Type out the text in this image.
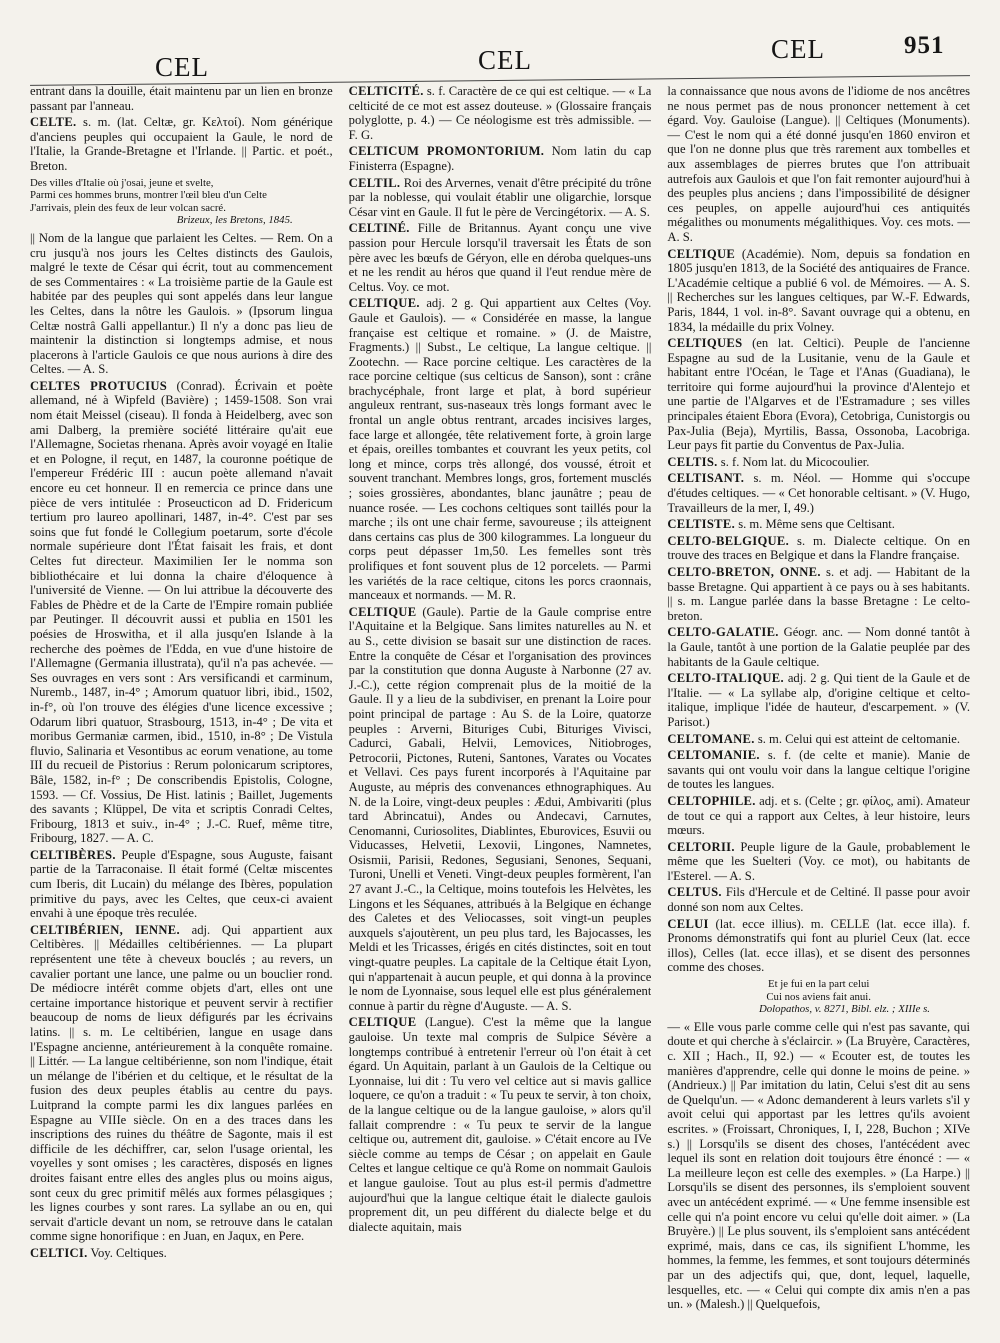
CEL	CEL	CEL	951

entrant dans la douille, était maintenu par un lien en bronze passant par l'anneau.

CELTE. s. m. (lat. Celtæ, gr. Κελτοί). Nom générique d'anciens peuples qui occupaient la Gaule, le nord de l'Italie, la Grande-Bretagne et l'Irlande. || Partic. et poét., Breton.

Des villes d'Italie où j'osai, jeune et svelte,
Parmi ces hommes bruns, montrer l'œil bleu d'un Celte
J'arrivais, plein des feux de leur volcan sacré.
Brizeux, les Bretons, 1845.

|| Nom de la langue que parlaient les Celtes. — Rem. On a cru jusqu'à nos jours les Celtes distincts des Gaulois, malgré le texte de César qui écrit, tout au commencement de ses Commentaires : « La troisième partie de la Gaule est habitée par des peuples qui sont appelés dans leur langue les Celtes, dans la nôtre les Gaulois. » (Ipsorum lingua Celtæ nostrâ Galli appellantur.) Il n'y a donc pas lieu de maintenir la distinction si longtemps admise, et nous placerons à l'article Gaulois ce que nous aurions à dire des Celtes. — A. S.

CELTES PROTUCIUS (Conrad). Écrivain et poète allemand, né à Wipfeld (Bavière) ; 1459-1508. Son vrai nom était Meissel (ciseau). Il fonda à Heidelberg, avec son ami Dalberg, la première société littéraire qu'ait eue l'Allemagne, Societas rhenana. Après avoir voyagé en Italie et en Pologne, il reçut, en 1487, la couronne poétique de l'empereur Frédéric III : aucun poète allemand n'avait encore eu cet honneur. Il en remercia ce prince dans une pièce de vers intitulée : Proseucticon ad D. Fridericum tertium pro laureo apollinari, 1487, in-4°. C'est par ses soins que fut fondé le Collegium poetarum, sorte d'école normale supérieure dont l'État faisait les frais, et dont Celtes fut directeur. Maximilien Ier le nomma son bibliothécaire et lui donna la chaire d'éloquence à l'université de Vienne. — On lui attribue la découverte des Fables de Phèdre et de la Carte de l'Empire romain publiée par Peutinger. Il découvrit aussi et publia en 1501 les poésies de Hroswitha, et il alla jusqu'en Islande à la recherche des poèmes de l'Edda, en vue d'une histoire de l'Allemagne (Germania illustrata), qu'il n'a pas achevée. — Ses ouvrages en vers sont : Ars versificandi et carminum, Nuremb., 1487, in-4° ; Amorum quatuor libri, ibid., 1502, in-f°, où l'on trouve des élégies d'une licence excessive ; Odarum libri quatuor, Strasbourg, 1513, in-4° ; De vita et moribus Germaniæ carmen, ibid., 1510, in-8° ; De Vistula fluvio, Salinaria et Vesontibus ac eorum venatione, au tome III du recueil de Pistorius : Rerum polonicarum scriptores, Bâle, 1582, in-f° ; De conscribendis Epistolis, Cologne, 1593. — Cf. Vossius, De Hist. latinis ; Baillet, Jugements des savants ; Klüppel, De vita et scriptis Conradi Celtes, Fribourg, 1813 et suiv., in-4° ; J.-C. Ruef, même titre, Fribourg, 1827. — A. C.

CELTIBÈRES. Peuple d'Espagne, sous Auguste, faisant partie de la Tarraconaise. Il était formé (Celtæ miscentes cum Iberis, dit Lucain) du mélange des Ibères, population primitive du pays, avec les Celtes, que ceux-ci avaient envahi à une époque très reculée.

CELTIBÉRIEN, IENNE. adj. Qui appartient aux Celtibères. || Médailles celtibériennes. — La plupart représentent une tête à cheveux bouclés ; au revers, un cavalier portant une lance, une palme ou un bouclier rond. De médiocre intérêt comme objets d'art, elles ont une certaine importance historique et peuvent servir à rectifier beaucoup de noms de lieux défigurés par les écrivains latins. || s. m. Le celtibérien, langue en usage dans l'Espagne ancienne, antérieurement à la conquête romaine. || Littér. — La langue celtibérienne, son nom l'indique, était un mélange de l'ibérien et du celtique, et le résultat de la fusion des deux peuples établis au centre du pays. Luitprand la compte parmi les dix langues parlées en Espagne au VIIIe siècle. On en a des traces dans les inscriptions des ruines du théâtre de Sagonte, mais il est difficile de les déchiffrer, car, selon l'usage oriental, les voyelles y sont omises ; les caractères, disposés en lignes droites faisant entre elles des angles plus ou moins aigus, sont ceux du grec primitif mêlés aux formes pélasgiques ; les lignes courbes y sont rares. La syllabe an ou en, qui servait d'article devant un nom, se retrouve dans le catalan comme signe honorifique : en Juan, en Jaqux, en Pere.

CELTICI. Voy. Celtiques.

CELTICITÉ. s. f. Caractère de ce qui est celtique. — « La celticité de ce mot est assez douteuse. » (Glossaire français polyglotte, p. 4.) — Ce néologisme est très admissible. — F. G.

CELTICUM PROMONTORIUM. Nom latin du cap Finisterra (Espagne).

CELTIL. Roi des Arvernes, venait d'être précipité du trône par la noblesse, qui voulait établir une oligarchie, lorsque César vint en Gaule. Il fut le père de Vercingétorix. — A. S.

CELTINÉ. Fille de Britannus. Ayant conçu une vive passion pour Hercule lorsqu'il traversait les États de son père avec les bœufs de Géryon, elle en déroba quelques-uns et ne les rendit au héros que quand il l'eut rendue mère de Celtus. Voy. ce mot.

CELTIQUE. adj. 2 g. Qui appartient aux Celtes (Voy. Gaule et Gaulois). — « Considérée en masse, la langue française est celtique et romaine. » (J. de Maistre, Fragments.) || Subst., Le celtique, La langue celtique. || Zootechn. — Race porcine celtique. Les caractères de la race porcine celtique (sus celticus de Sanson), sont : crâne brachycéphale, front large et plat, à bord supérieur anguleux rentrant, sus-naseaux très longs formant avec le frontal un angle obtus rentrant, arcades incisives larges, face large et allongée, tête relativement forte, à groin large et épais, oreilles tombantes et couvrant les yeux petits, col long et mince, corps très allongé, dos voussé, étroit et souvent tranchant. Membres longs, gros, fortement musclés ; soies grossières, abondantes, blanc jaunâtre ; peau de nuance rosée. — Les cochons celtiques sont taillés pour la marche ; ils ont une chair ferme, savoureuse ; ils atteignent dans certains cas plus de 300 kilogrammes. La longueur du corps peut dépasser 1m,50. Les femelles sont très prolifiques et font souvent plus de 12 porcelets. — Parmi les variétés de la race celtique, citons les porcs craonnais, manceaux et normands. — M. R.

CELTIQUE (Gaule). Partie de la Gaule comprise entre l'Aquitaine et la Belgique. Sans limites naturelles au N. et au S., cette division se basait sur une distinction de races. Entre la conquête de César et l'organisation des provinces par la constitution que donna Auguste à Narbonne (27 av. J.-C.), cette région comprenait plus de la moitié de la Gaule. Il y a lieu de la subdiviser, en prenant la Loire pour point principal de partage : Au S. de la Loire, quatorze peuples : Arverni, Bituriges Cubi, Bituriges Vivisci, Cadurci, Gabali, Helvii, Lemovices, Nitiobroges, Petrocorii, Pictones, Ruteni, Santones, Varates ou Vocates et Vellavi. Ces pays furent incorporés à l'Aquitaine par Auguste, au mépris des convenances ethnographiques. Au N. de la Loire, vingt-deux peuples : Ædui, Ambivariti (plus tard Abrincatui), Andes ou Andecavi, Carnutes, Cenomanni, Curiosolites, Diablintes, Eburovices, Esuvii ou Viducasses, Helvetii, Lexovii, Lingones, Namnetes, Osismii, Parisii, Redones, Segusiani, Senones, Sequani, Turoni, Unelli et Veneti. Vingt-deux peuples formèrent, l'an 27 avant J.-C., la Celtique, moins toutefois les Helvètes, les Lingons et les Séquanes, attribués à la Belgique en échange des Caletes et des Veliocasses, soit vingt-un peuples auxquels s'ajoutèrent, un peu plus tard, les Bajocasses, les Meldi et les Tricasses, érigés en cités distinctes, soit en tout vingt-quatre peuples. La capitale de la Celtique était Lyon, qui n'appartenait à aucun peuple, et qui donna à la province le nom de Lyonnaise, sous lequel elle est plus généralement connue à partir du règne d'Auguste. — A. S.

CELTIQUE (Langue). C'est la même que la langue gauloise. Un texte mal compris de Sulpice Sévère a longtemps contribué à entretenir l'erreur où l'on était à cet égard. Un Aquitain, parlant à un Gaulois de la Celtique ou Lyonnaise, lui dit : Tu vero vel celtice aut si mavis gallice loquere, ce qu'on a traduit : « Tu peux te servir, à ton choix, de la langue celtique ou de la langue gauloise, » alors qu'il fallait comprendre : « Tu peux te servir de la langue celtique ou, autrement dit, gauloise. » C'était encore au IVe siècle comme au temps de César ; on appelait en Gaule Celtes et langue celtique ce qu'à Rome on nommait Gaulois et langue gauloise. Tout au plus est-il permis d'admettre aujourd'hui que la langue celtique était le dialecte gaulois proprement dit, un peu différent du dialecte belge et du dialecte aquitain, mais

la connaissance que nous avons de l'idiome de nos ancêtres ne nous permet pas de nous prononcer nettement à cet égard. Voy. Gauloise (Langue). || Celtiques (Monuments). — C'est le nom qui a été donné jusqu'en 1860 environ et que l'on ne donne plus que très rarement aux tombelles et aux assemblages de pierres brutes que l'on attribuait autrefois aux Gaulois et que l'on fait remonter aujourd'hui à des peuples plus anciens ; dans l'impossibilité de désigner ces peuples, on appelle aujourd'hui ces antiquités mégalithes ou monuments mégalithiques. Voy. ces mots. — A. S.

CELTIQUE (Académie). Nom, depuis sa fondation en 1805 jusqu'en 1813, de la Société des antiquaires de France. L'Académie celtique a publié 6 vol. de Mémoires. — A. S. || Recherches sur les langues celtiques, par W.-F. Edwards, Paris, 1844, 1 vol. in-8°. Savant ouvrage qui a obtenu, en 1834, la médaille du prix Volney.

CELTIQUES (en lat. Celtici). Peuple de l'ancienne Espagne au sud de la Lusitanie, venu de la Gaule et habitant entre l'Océan, le Tage et l'Anas (Guadiana), le territoire qui forme aujourd'hui la province d'Alentejo et une partie de l'Algarves et de l'Estramadure ; ses villes principales étaient Ebora (Evora), Cetobriga, Cunistorgis ou Pax-Julia (Beja), Myrtilis, Bassa, Ossonoba, Lacobriga. Leur pays fit partie du Conventus de Pax-Julia.

CELTIS. s. f. Nom lat. du Micocoulier.

CELTISANT. s. m. Néol. — Homme qui s'occupe d'études celtiques. — « Cet honorable celtisant. » (V. Hugo, Travailleurs de la mer, I, 49.)

CELTISTE. s. m. Même sens que Celtisant.

CELTO-BELGIQUE. s. m. Dialecte celtique. On en trouve des traces en Belgique et dans la Flandre française.

CELTO-BRETON, ONNE. s. et adj. — Habitant de la basse Bretagne. Qui appartient à ce pays ou à ses habitants. || s. m. Langue parlée dans la basse Bretagne : Le celto-breton.

CELTO-GALATIE. Géogr. anc. — Nom donné tantôt à la Gaule, tantôt à une portion de la Galatie peuplée par des habitants de la Gaule celtique.

CELTO-ITALIQUE. adj. 2 g. Qui tient de la Gaule et de l'Italie. — « La syllabe alp, d'origine celtique et celto-italique, implique l'idée de hauteur, d'escarpement. » (V. Parisot.)

CELTOMANE. s. m. Celui qui est atteint de celtomanie.

CELTOMANIE. s. f. (de celte et manie). Manie de savants qui ont voulu voir dans la langue celtique l'origine de toutes les langues.

CELTOPHILE. adj. et s. (Celte ; gr. φίλος, ami). Amateur de tout ce qui a rapport aux Celtes, à leur histoire, leurs mœurs.

CELTORII. Peuple ligure de la Gaule, probablement le même que les Suelteri (Voy. ce mot), ou habitants de l'Esterel. — A. S.

CELTUS. Fils d'Hercule et de Celtiné. Il passe pour avoir donné son nom aux Celtes.

CELUI (lat. ecce illius). m. CELLE (lat. ecce illa). f. Pronoms démonstratifs qui font au pluriel Ceux (lat. ecce illos), Celles (lat. ecce illas), et se disent des personnes comme des choses.

Et je fui en la part celui
Cui nos aviens fait anui.
Dolopathos, v. 8271, Bibl. elz. ; XIIIe s.

— « Elle vous parle comme celle qui n'est pas savante, qui doute et qui cherche à s'éclaircir. » (La Bruyère, Caractères, c. XII ; Hach., II, 92.) — « Ecouter est, de toutes les manières d'apprendre, celle qui donne le moins de peine. » (Andrieux.) || Par imitation du latin, Celui s'est dit au sens de Quelqu'un. — « Adonc demanderent à leurs varlets s'il y avoit celui qui apportast par les lettres qu'ils avoient escrites. » (Froissart, Chroniques, I, I, 228, Buchon ; XIVe s.) || Lorsqu'ils se disent des choses, l'antécédent avec lequel ils sont en relation doit toujours être énoncé : — « La meilleure leçon est celle des exemples. » (La Harpe.) || Lorsqu'ils se disent des personnes, ils s'emploient souvent avec un antécédent exprimé. — « Une femme insensible est celle qui n'a point encore vu celui qu'elle doit aimer. » (La Bruyère.) || Le plus souvent, ils s'emploient sans antécédent exprimé, mais, dans ce cas, ils signifient L'homme, les hommes, la femme, les femmes, et sont toujours déterminés par un des adjectifs qui, que, dont, lequel, laquelle, lesquelles, etc. — « Celui qui compte dix amis n'en a pas un. » (Malesh.) || Quelquefois,
